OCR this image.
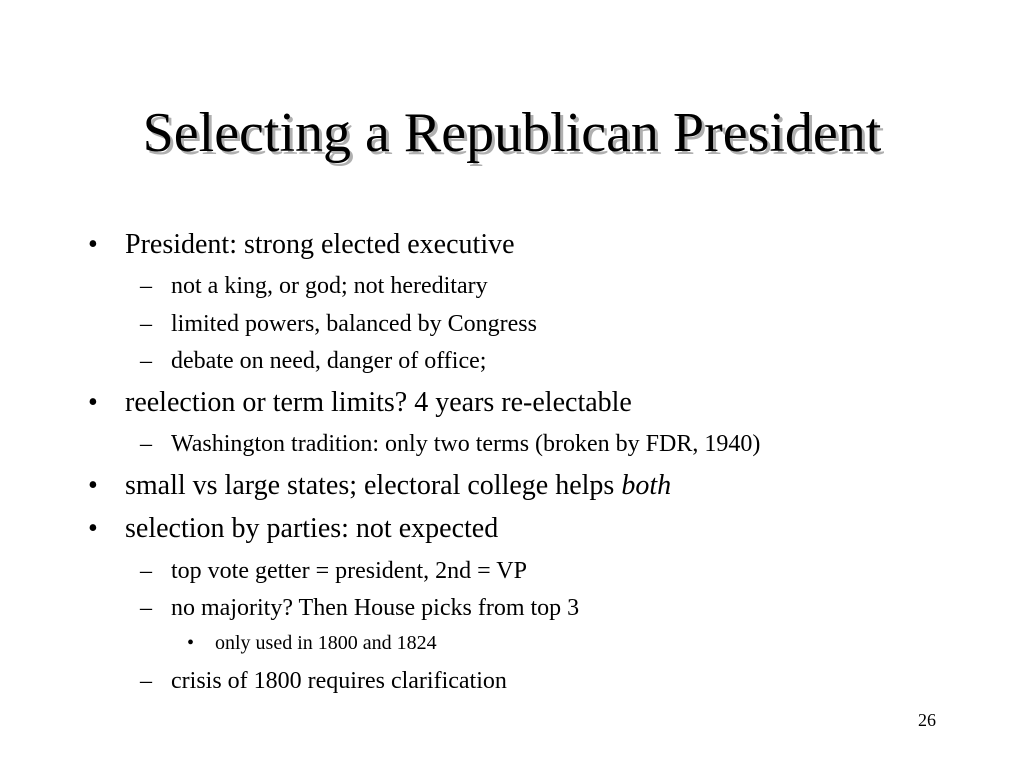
Selecting a Republican President
• President: strong elected executive
– not a king, or god; not hereditary
– limited powers, balanced by Congress
– debate on need, danger of office;
• reelection or term limits? 4 years re-electable
– Washington tradition: only two terms (broken by FDR, 1940)
• small vs large states; electoral college helps both
• selection by parties: not expected
– top vote getter = president, 2nd = VP
– no majority? Then House picks from top 3
• only used in 1800 and 1824
– crisis of 1800 requires clarification
26
